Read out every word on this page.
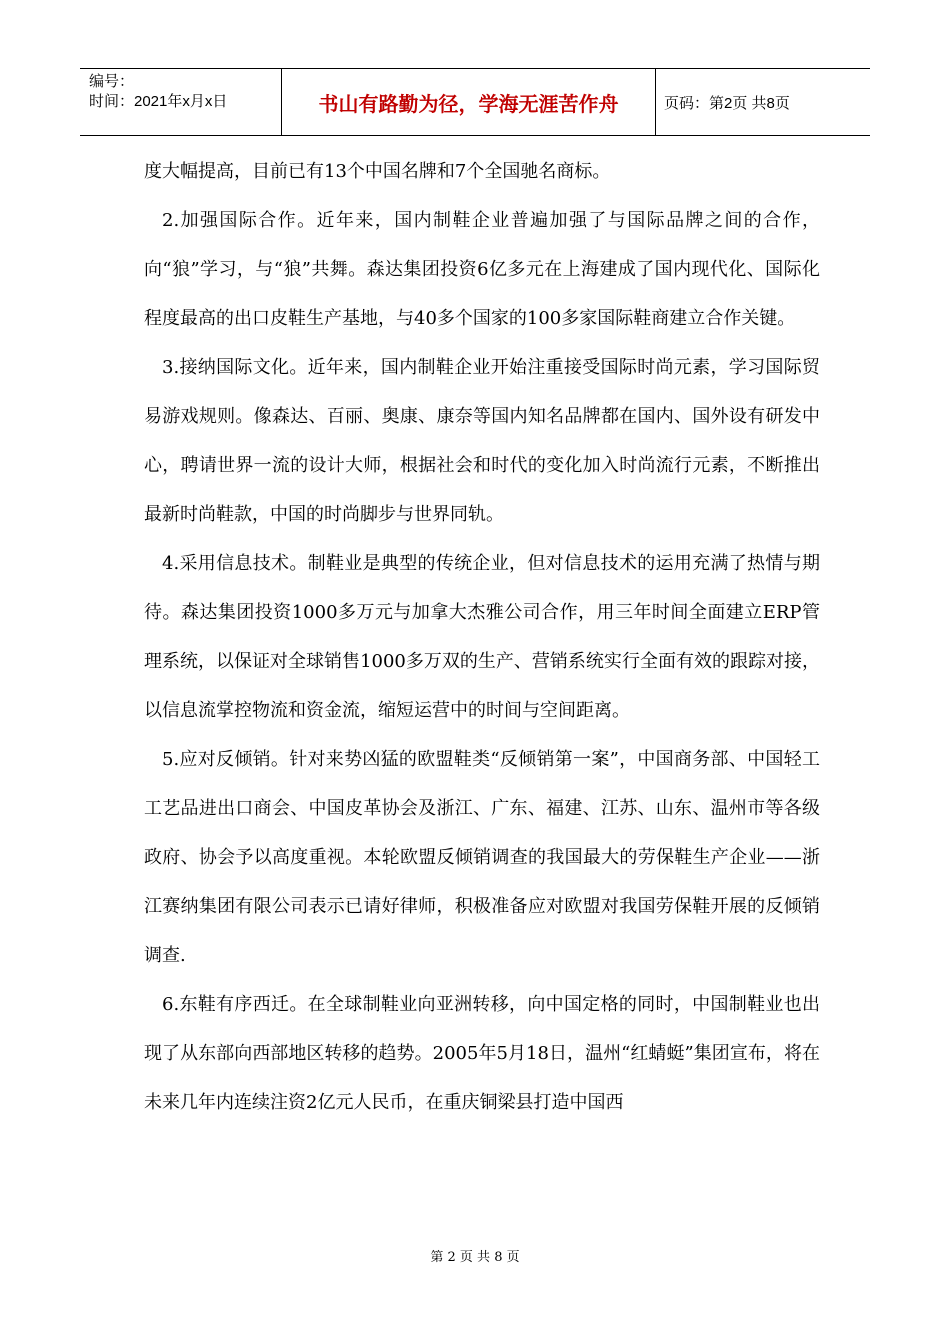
编号：
时间：2021年x月x日	书山有路勤为径，学海无涯苦作舟	页码：第2页 共8页

度大幅提高，目前已有13个中国名牌和7个全国驰名商标。

2.加强国际合作。近年来，国内制鞋企业普遍加强了与国际品牌之间的合作，向“狼”学习，与“狼”共舞。森达集团投资6亿多元在上海建成了国内现代化、国际化程度最高的出口皮鞋生产基地，与40多个国家的100多家国际鞋商建立合作关键。

3.接纳国际文化。近年来，国内制鞋企业开始注重接受国际时尚元素，学习国际贸易游戏规则。像森达、百丽、奥康、康奈等国内知名品牌都在国内、国外设有研发中心，聘请世界一流的设计大师，根据社会和时代的变化加入时尚流行元素，不断推出最新时尚鞋款，中国的时尚脚步与世界同轨。

4.采用信息技术。制鞋业是典型的传统企业，但对信息技术的运用充满了热情与期待。森达集团投资1000多万元与加拿大杰雅公司合作，用三年时间全面建立ERP管理系统，以保证对全球销售1000多万双的生产、营销系统实行全面有效的跟踪对接，以信息流掌控物流和资金流，缩短运营中的时间与空间距离。

5.应对反倾销。针对来势凶猛的欧盟鞋类“反倾销第一案”，中国商务部、中国轻工工艺品进出口商会、中国皮革协会及浙江、广东、福建、江苏、山东、温州市等各级政府、协会予以高度重视。本轮欧盟反倾销调查的我国最大的劳保鞋生产企业——浙江赛纳集团有限公司表示已请好律师，积极准备应对欧盟对我国劳保鞋开展的反倾销调查.

6.东鞋有序西迁。在全球制鞋业向亚洲转移，向中国定格的同时，中国制鞋业也出现了从东部向西部地区转移的趋势。2005年5月18日，温州“红蜻蜓”集团宣布，将在未来几年内连续注资2亿元人民币，在重庆铜梁县打造中国西

第 2 页 共 8 页
